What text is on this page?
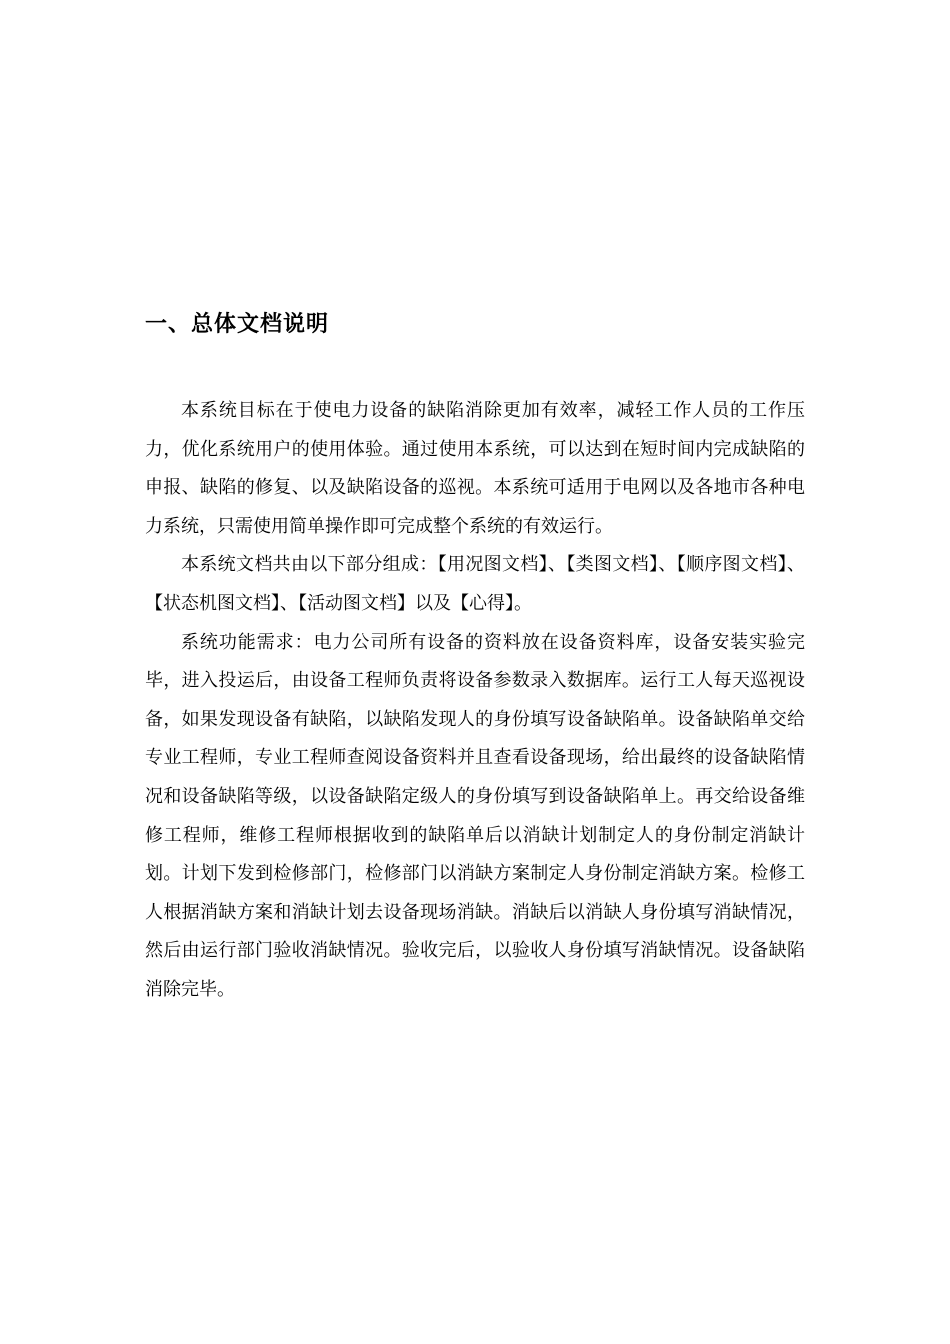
一、总体文档说明

本系统目标在于使电力设备的缺陷消除更加有效率，减轻工作人员的工作压力，优化系统用户的使用体验。通过使用本系统，可以达到在短时间内完成缺陷的申报、缺陷的修复、以及缺陷设备的巡视。本系统可适用于电网以及各地市各种电力系统，只需使用简单操作即可完成整个系统的有效运行。

本系统文档共由以下部分组成：【用况图文档】、【类图文档】、【顺序图文档】、【状态机图文档】、【活动图文档】以及【心得】。

系统功能需求：电力公司所有设备的资料放在设备资料库，设备安装实验完毕，进入投运后，由设备工程师负责将设备参数录入数据库。运行工人每天巡视设备，如果发现设备有缺陷，以缺陷发现人的身份填写设备缺陷单。设备缺陷单交给专业工程师，专业工程师查阅设备资料并且查看设备现场，给出最终的设备缺陷情况和设备缺陷等级，以设备缺陷定级人的身份填写到设备缺陷单上。再交给设备维修工程师，维修工程师根据收到的缺陷单后以消缺计划制定人的身份制定消缺计划。计划下发到检修部门，检修部门以消缺方案制定人身份制定消缺方案。检修工人根据消缺方案和消缺计划去设备现场消缺。消缺后以消缺人身份填写消缺情况，然后由运行部门验收消缺情况。验收完后，以验收人身份填写消缺情况。设备缺陷消除完毕。
